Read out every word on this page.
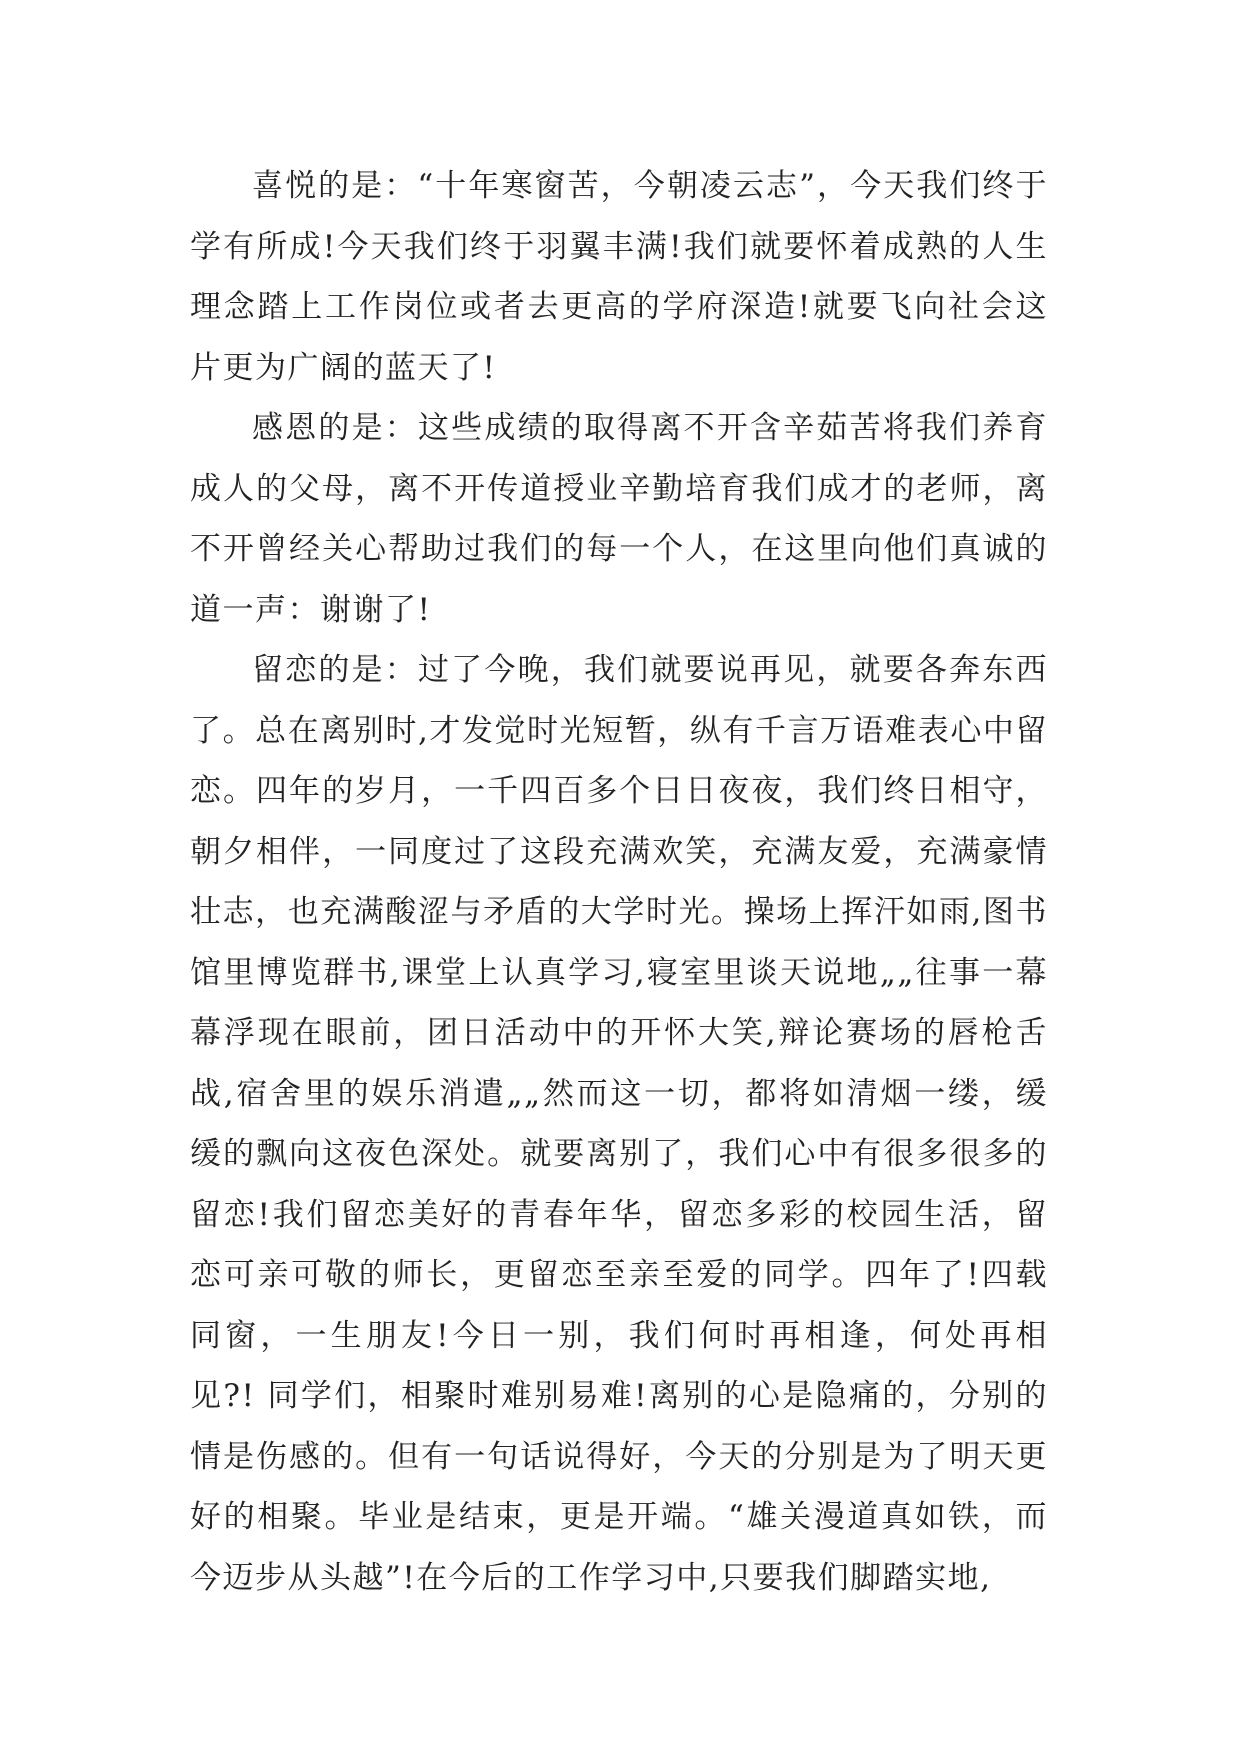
喜悦的是：“十年寒窗苦，今朝凌云志”，今天我们终于学有所成!今天我们终于羽翼丰满!我们就要怀着成熟的人生理念踏上工作岗位或者去更高的学府深造!就要飞向社会这片更为广阔的蓝天了!

感恩的是：这些成绩的取得离不开含辛茹苦将我们养育成人的父母，离不开传道授业辛勤培育我们成才的老师，离不开曾经关心帮助过我们的每一个人，在这里向他们真诚的道一声：谢谢了!

留恋的是：过了今晚，我们就要说再见，就要各奔东西了。总在离别时,才发觉时光短暂，纵有千言万语难表心中留恋。四年的岁月，一千四百多个日日夜夜，我们终日相守，朝夕相伴，一同度过了这段充满欢笑，充满友爱，充满豪情壮志，也充满酸涩与矛盾的大学时光。操场上挥汗如雨,图书馆里博览群书,课堂上认真学习,寝室里谈天说地„„往事一幕幕浮现在眼前，团日活动中的开怀大笑,辩论赛场的唇枪舌战,宿舍里的娱乐消遣„„然而这一切，都将如清烟一缕，缓缓的飘向这夜色深处。就要离别了，我们心中有很多很多的留恋!我们留恋美好的青春年华，留恋多彩的校园生活，留恋可亲可敬的师长，更留恋至亲至爱的同学。四年了!四载同窗，一生朋友!今日一别，我们何时再相逢，何处再相见?! 同学们，相聚时难别易难!离别的心是隐痛的，分别的情是伤感的。但有一句话说得好，今天的分别是为了明天更好的相聚。毕业是结束，更是开端。“雄关漫道真如铁，而今迈步从头越”!在今后的工作学习中,只要我们脚踏实地,
